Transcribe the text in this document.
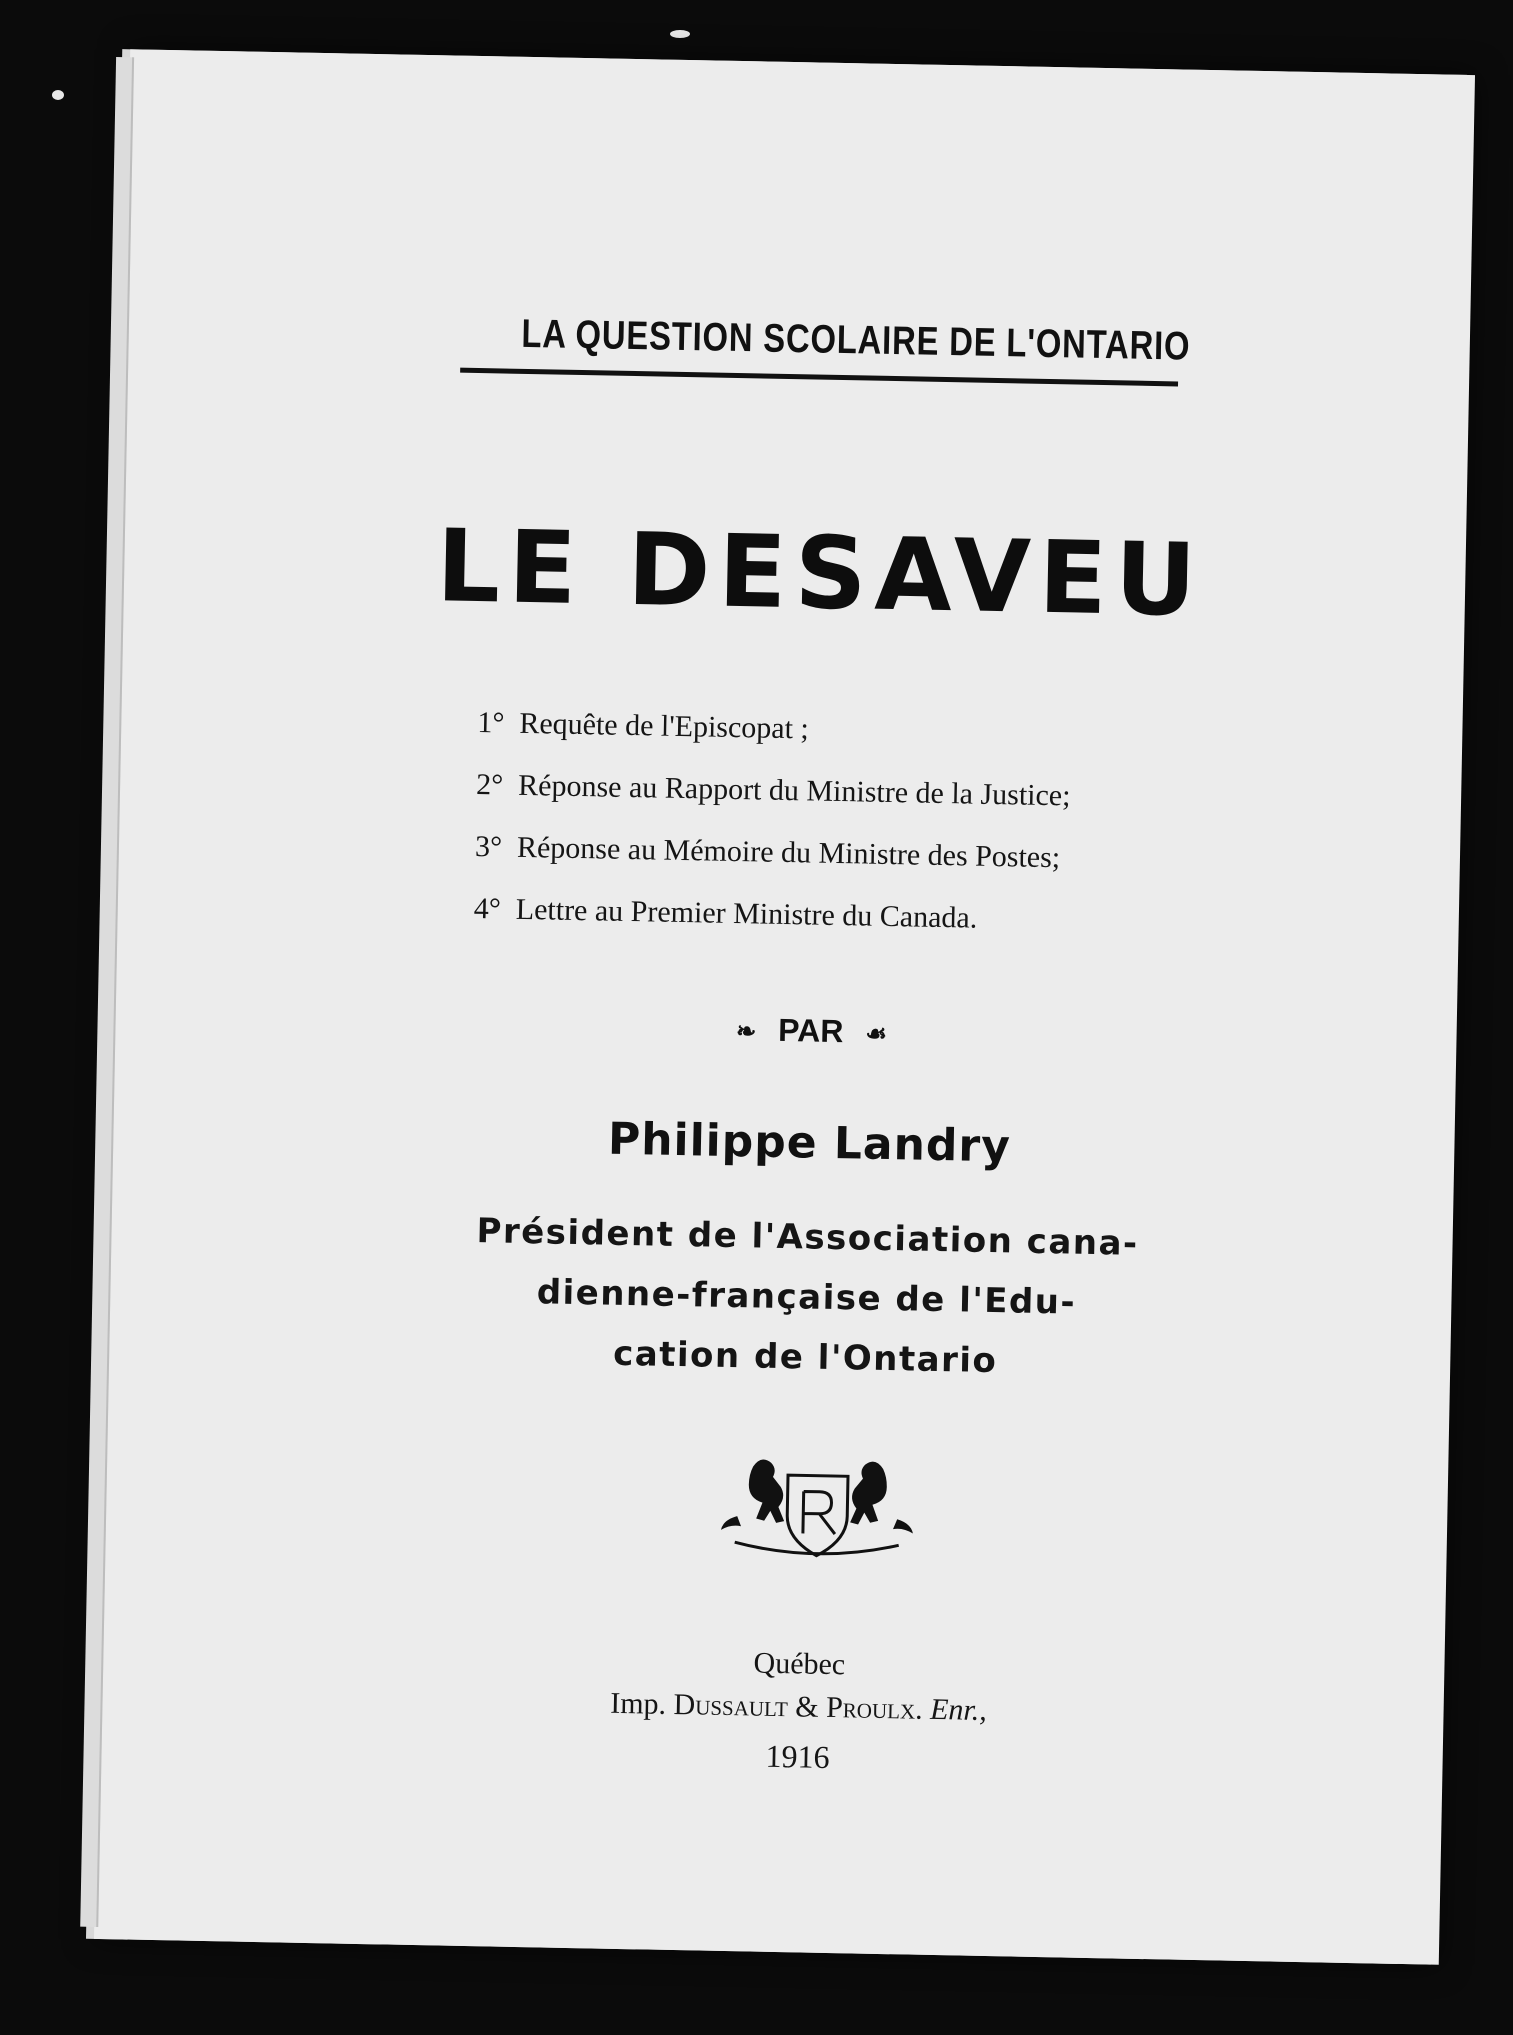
LA QUESTION SCOLAIRE DE L'ONTARIO
LE DESAVEU
1° Requête de l'Episcopat ;
2° Réponse au Rapport du Ministre de la Justice;
3° Réponse au Mémoire du Ministre des Postes;
4° Lettre au Premier Ministre du Canada.
❧ PAR ☙
Philippe Landry
Président de l'Association cana-
dienne-française de l'Edu-
cation de l'Ontario
Québec
Imp. Dussault & Proulx. Enr.,
1916
